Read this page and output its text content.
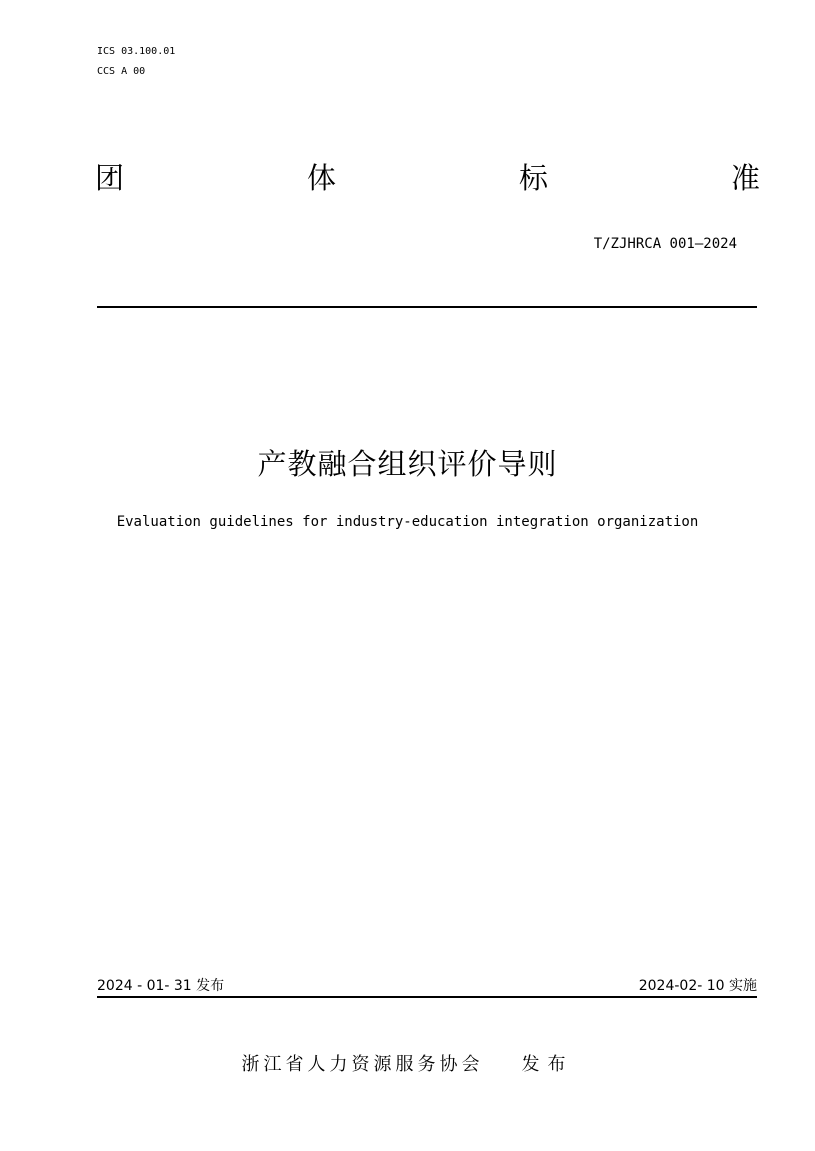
ICS 03.100.01
CCS A 00
团	体	标	准
T/ZJHRCA 001—2024
产教融合组织评价导则
Evaluation guidelines for industry-education integration organization
2024 - 01- 31 发布	2024-02- 10 实施
浙江省人力资源服务协会 发布
